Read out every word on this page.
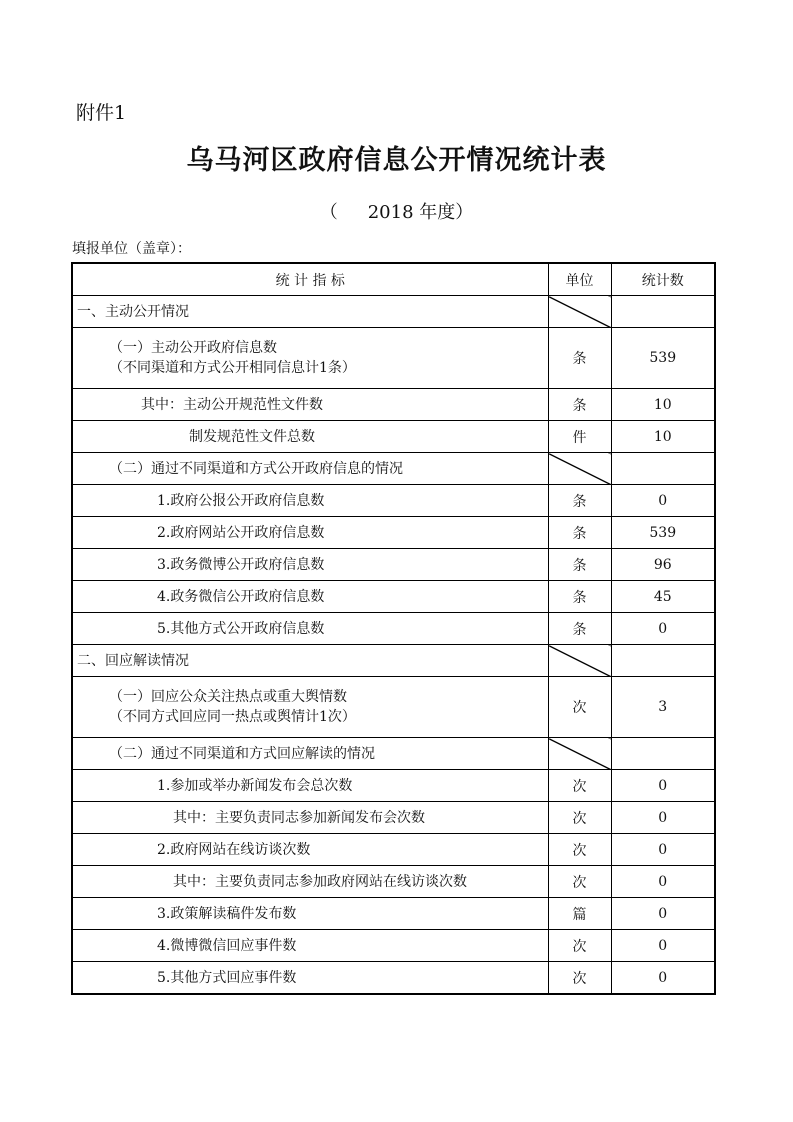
附件1
乌马河区政府信息公开情况统计表
（ 2018 年度）
填报单位（盖章）：
统 计 指 标	单位	统计数

一、主动公开情况		

（一）主动公开政府信息数
（不同渠道和方式公开相同信息计1条）	条	539

其中：主动公开规范性文件数	条	10

制发规范性文件总数	件	10

（二）通过不同渠道和方式公开政府信息的情况		

1.政府公报公开政府信息数	条	0

2.政府网站公开政府信息数	条	539

3.政务微博公开政府信息数	条	96

4.政务微信公开政府信息数	条	45

5.其他方式公开政府信息数	条	0

二、回应解读情况		

（一）回应公众关注热点或重大舆情数
（不同方式回应同一热点或舆情计1次）	次	3

（二）通过不同渠道和方式回应解读的情况		

1.参加或举办新闻发布会总次数	次	0

其中：主要负责同志参加新闻发布会次数	次	0

2.政府网站在线访谈次数	次	0

其中：主要负责同志参加政府网站在线访谈次数	次	0

3.政策解读稿件发布数	篇	0

4.微博微信回应事件数	次	0

5.其他方式回应事件数	次	0
